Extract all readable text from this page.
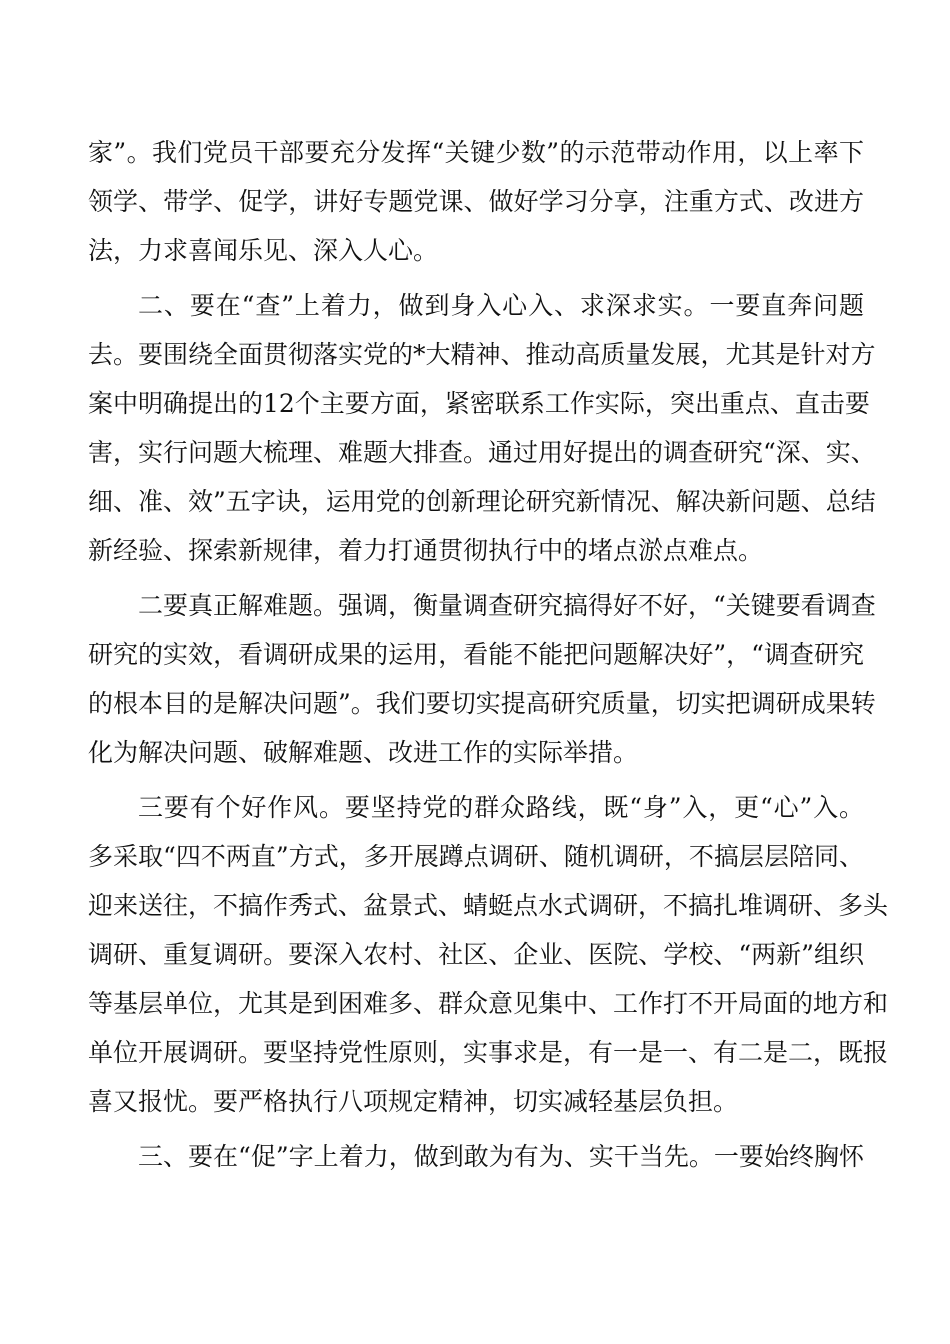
家”。我们党员干部要充分发挥“关键少数”的示范带动作用，以上率下
领学、带学、促学，讲好专题党课、做好学习分享，注重方式、改进方
法，力求喜闻乐见、深入人心。
二、要在“查”上着力，做到身入心入、求深求实。一要直奔问题
去。要围绕全面贯彻落实党的*大精神、推动高质量发展，尤其是针对方
案中明确提出的12个主要方面，紧密联系工作实际，突出重点、直击要
害，实行问题大梳理、难题大排查。通过用好提出的调查研究“深、实、
细、准、效”五字诀，运用党的创新理论研究新情况、解决新问题、总结
新经验、探索新规律，着力打通贯彻执行中的堵点淤点难点。
二要真正解难题。强调，衡量调查研究搞得好不好，“关键要看调查
研究的实效，看调研成果的运用，看能不能把问题解决好”，“调查研究
的根本目的是解决问题”。我们要切实提高研究质量，切实把调研成果转
化为解决问题、破解难题、改进工作的实际举措。
三要有个好作风。要坚持党的群众路线，既“身”入，更“心”入。
多采取“四不两直”方式，多开展蹲点调研、随机调研，不搞层层陪同、
迎来送往，不搞作秀式、盆景式、蜻蜓点水式调研，不搞扎堆调研、多头
调研、重复调研。要深入农村、社区、企业、医院、学校、“两新”组织
等基层单位，尤其是到困难多、群众意见集中、工作打不开局面的地方和
单位开展调研。要坚持党性原则，实事求是，有一是一、有二是二，既报
喜又报忧。要严格执行八项规定精神，切实减轻基层负担。
三、要在“促”字上着力，做到敢为有为、实干当先。一要始终胸怀
